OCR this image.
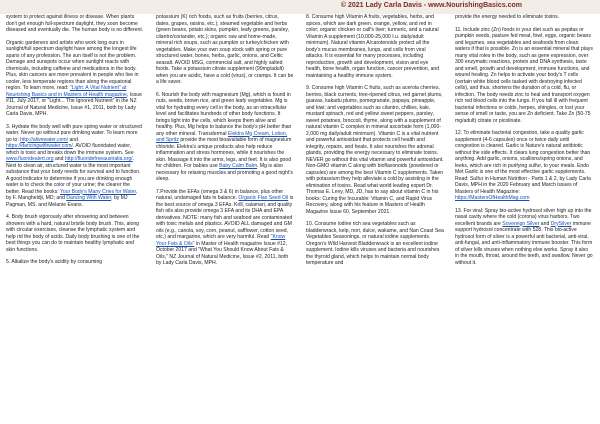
© 2021 Lady Carla Davis - www.NourishingBasics.com

system to protect against illness or disease. When plants don't get enough full-spectrum daylight, they soon become diseased and eventually die. The human body is no different.

Organic gardeners and artists who work long ours in sunlight/full spectrum daylight have among the longest life spans of any profession. The sun itself is not the problem. Damage and sunspots occur when sunlight reacts with chemicals, including caffeine and medications in the body. Plus, skin cancers are more prevalent in people who live in cooler, less temperate regions than along the equatorial region. To learn more, read: "Light: A Vital Nutrient" at Nourishing Basics and in Masters of Health magazine, Issue #11, July 2017, or "Light... The Ignored Nutrient" in the NZ Journal of Natural Medicine, Issue #1, 2011, both by Lady Carla Davis, MPH.

3. Hydrate the body well with pure spring water or structured water. Never go without pure drinking water. To learn more go to: http://alivewater.com/ and https://dancingwithwater.com/. AVOID fluoridated water, which is toxic and breaks down the immune system. See www.fluoridealert.org and http://fluoridefreeaustralia.org/. Next to clean air, structured water is the most important substance that your body needs for survival and to function. A good indicator to determine if you are drinking enough water is to check the color of your urine; the clearer the better. Read the books: Your Body's Many Cries for Water, by F. Mangheldji, MD; and Dancing With Water, by MJ Pagman, MS. and Melanie Evans.

4. Body brush vigorously after showering and between showers with a hard, natural bristle body brush. This, along with circular exercises, cleanse the lymphatic system and help rid the body of acids. Daily body brushing is one of the best things you can do to maintain healthy lymphatic and skin functions.

5. Alkalize the body's acidity by consuming

potassium (K) rich foods, such as fruits (berries, citrus, dates, grapes, raisins, etc.); steamed vegetable and herbs (green beans, potato skins, pumpkin, leafy greens, parsley, cilantro/coriander, etc.); organic raw and home-made, mineral rich soups, such as pumpkin or turkey/chicken with vegetables. Make your own soup stock with spring or pure structured water, bones, herbs, garlic, onions, and Celtic seasalt. AVOID MSG, commercial salt, and highly salted foods. Take a potassium citrate supplement (99mg/adult) when you are acidic, have a cold (virus), or cramps. It can be a life saver.

6. Nourish the body with magnesium (Mg), which is found in nuts, seeds, brown rice, and green leafy vegetables. Mg is vital for hydrating every cell in the body, as an intracellular level and facilitates hundreds of other body functions. It brings light into the cells, which keeps them alive and healthy. Plus, Mg helps to balance the body's pH better than any other mineral. Transdermal Elektra Mg Cream, Lotion, and Spritz provide the most bioavailable form of magnesium chloride. Elektra's unique products also help reduce inflammation and stress hormones, while it nourishes the skin. Massage it into the arms, legs, and feet. It is also good for children. For babies use Baby Calm Balm. Mg is also necessary for relaxing muscles and promoting a good night's sleep.

7.Provide the EFAs (omega 3 & 6) in balance, plus other natural, undamaged fats in balance. Organic Flax Seed Oil is the best source of omega 3 EFAs. Krill, calamari, and quality fish oils also provide omega 3 EFA and its DHA and EPA derivatives. NOTE: many fish and seafood are contaminated with toxic metals and plastics. AVOID ALL damaged and GM oils (e.g., canola, soy, corn, peanut, safflower, cotton seed, etc.) and margarine, which are very harmful. Read "Know Your Fats & Oils" in Master of Health magazine Issue #12, October 2017 and "What You Should Know About Fats & Oils," NZ Journal of Natural Medicine, Issue #2, 2011, both by Lady Carla Davis, MPH.

8. Consume high Vitamin A fruits, vegetables, herbs, and spices, which are dark green, orange, yellow, and red in color; organic chicken or calf's liver; turmeric, and a natural Vitamin A supplement (10,000-25,000 I.u. daily/adult minimum). Natural vitamin A/carotenoids protect all the body's mucus membranes, lungs, and cells from viral attacks. It is essential for many processes, including reproduction, growth and development, vision and eye health, bone health, organ function, cancer prevention, and maintaining a healthy immune system.

9. Consume high Vitamin C fruits, such as acerola cherries, berries, black currents, tree-ripened citrus, red garnet plums, guavas, kakadu plums, pomegranate, papaya, pineapple, and kiwi; and vegetables such as cilantro, chillies, kale, mustard spinach, red and yellow sweet peppers, parsley, sweet potatoes, broccoli, thyme, along with a supplement of natural vitamin C complex in mineral ascorbate form (1,000-2,000 mg daily/adult minimum). Vitamin C is a vital nutrient and powerful antioxidant that protects cell health and integrity, repairs, and heals. It also nourishes the adrenal glands, providing the energy necessary to eliminate toxins. NEVER go without this vital vitamin and powerful antioxidant. Non-GMO vitamin C along with bioflavonoids (powdered or capsules) are among the best Vitamin C supplements. Taken with potassium they help alleviate a cold by assisting in the elimination of toxins. Read what world leading expert Dr. Thomas E. Levy, MD, JD, has to say about vitamin C in his books: Curing the Incurable: Vitamin C, and Rapid Virus Recovery, along with his feature in Masters of Health Magazine Issue 60, September 2021.

10. Consume iodine rich sea vegetables such as bladderwrack, kelp, nori, dulce, wakame, and Nan Coast Sea Vegetables Seasonings, or natural iodine supplements. Oregon's Wild Harvest Bladderwrack is an excellent iodine supplement. Iodine kills viruses and bacteria and nourishes the thyroid gland, which helps to maintain normal body temperature and

provide the energy needed to eliminate toxins.

11. Include zinc (Zn) foods in your diet such as pepitas or pumpkin seeds, pasture fed meat, fowl, eggs, organic beans and legumes, sea vegetables and seafoods from clean waters if that is possible. Zn is an essential mineral that plays many vital roles in the body, such as gene expression, over 300 enzymatic reactions, protein and DNA synthesis, taste and smell, growth and development, immune functions, and wound healing. Zn helps to activate your body's T cells (certain white blood cells tasked with destroying infected cells), and thus, shortens the duration of a cold, flu, or infection. The body needs zinc to heal and transport oxygen rich red blood cells into the lungs. If you fall ill with frequent bacterial infections or colds, herpes, shingles, or lost your sense of smell or taste, you are Zn deficient. Take Zn (50-75 mg/adult) citrate or picolinate.

12. To eliminate bacterial congestion, take a quality garlic supplement (4-6 capsules) once or twice daily until congestion is cleared. Garlic is Nature's natural antibiotic without the side effects. It clears lung congestion better than anything. Add garlic, onions, scallions/spring onions, and leeks, which are rich in purifying sulfur, to your meals. Endo Met Garlic is one of the most effective garlic supplements. Read: Sulfur in Human Nutrition - Parts 1 & 2, by Lady Carla Davis, MPH in the 2020 February and March issues of Masters of Health Magazine: https://MastersOfHealthMag.com

13. For viral: Spray bio-active hydrosol silver high up into the nasal cavity where the cold (corona) virus harbors. Two excellent brands are Sovereign Silver and DrySilver immune support hydrosol concentrate with 528. This bio-active hydrosol form of silver is a powerful anti bacterial, anti-viral, anti-fungal, and anti-inflammatory immune booster. This form of silver kills viruses when nothing else works. Spray it also in the mouth, throat, around the teeth, and swallow. Never go without it.
